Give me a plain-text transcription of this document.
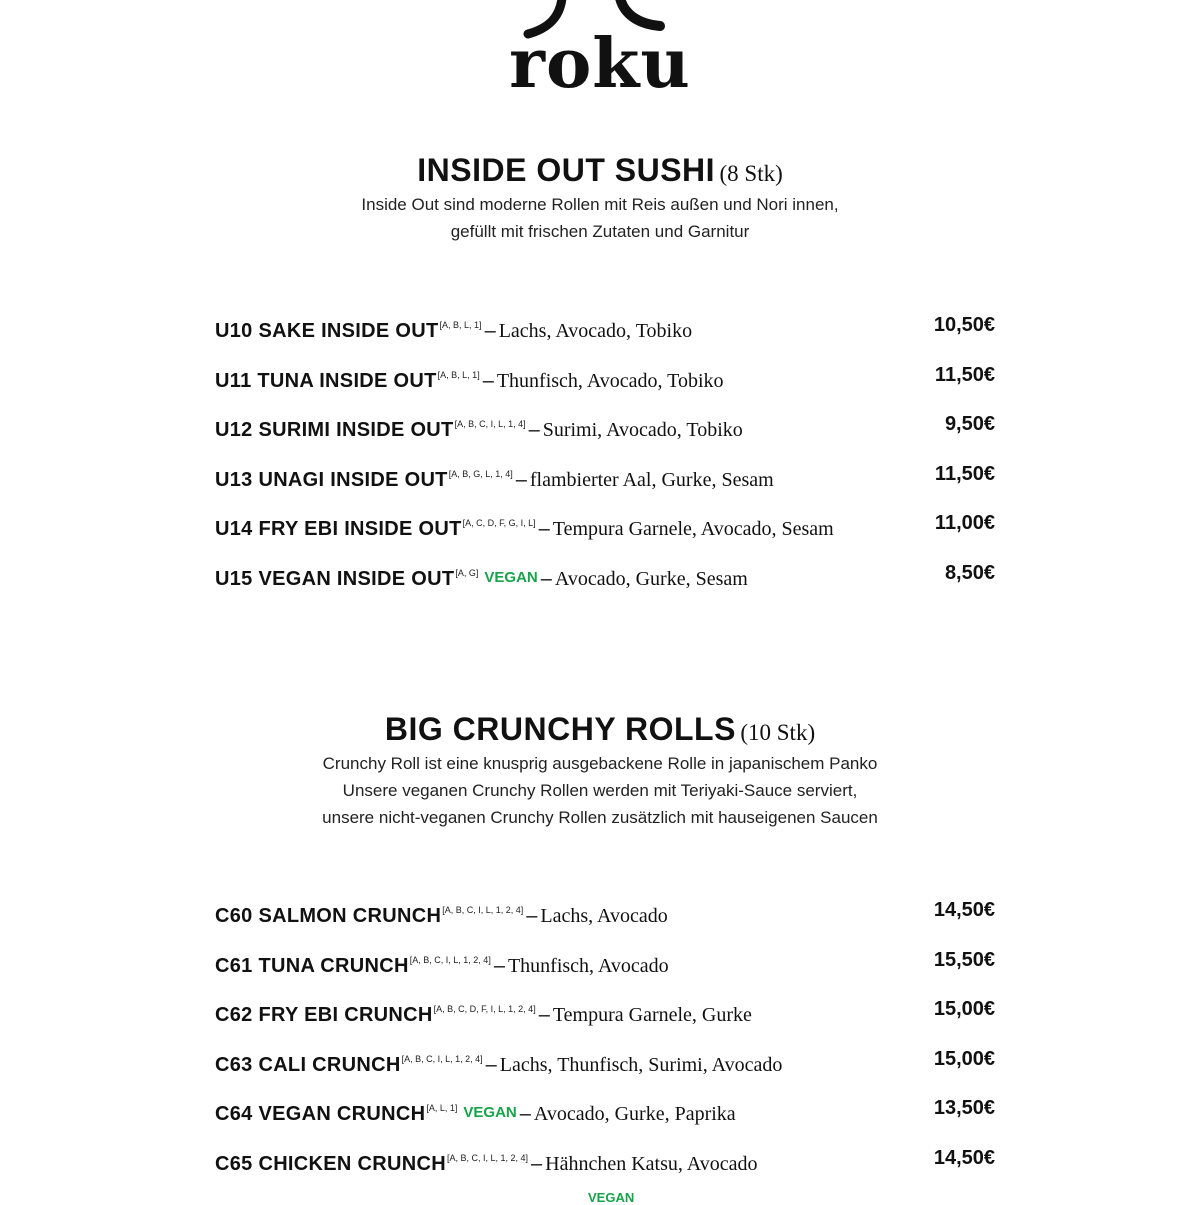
roku
INSIDE OUT SUSHI (8 Stk)
Inside Out sind moderne Rollen mit Reis außen und Nori innen,
gefüllt mit frischen Zutaten und Garnitur
U10 SAKE INSIDE OUT[A, B, L, 1] – Lachs, Avocado, Tobiko	10,50€
U11 TUNA INSIDE OUT[A, B, L, 1] – Thunfisch, Avocado, Tobiko	11,50€
U12 SURIMI INSIDE OUT[A, B, C, I, L, 1, 4] – Surimi, Avocado, Tobiko	9,50€
U13 UNAGI INSIDE OUT[A, B, G, L, 1, 4] – flambierter Aal, Gurke, Sesam	11,50€
U14 FRY EBI INSIDE OUT[A, C, D, F, G, I, L] – Tempura Garnele, Avocado, Sesam	11,00€
U15 VEGAN INSIDE OUT[A, G] VEGAN – Avocado, Gurke, Sesam	8,50€
BIG CRUNCHY ROLLS (10 Stk)
Crunchy Roll ist eine knusprig ausgebackene Rolle in japanischem Panko
Unsere veganen Crunchy Rollen werden mit Teriyaki-Sauce serviert,
unsere nicht-veganen Crunchy Rollen zusätzlich mit hauseigenen Saucen
C60 SALMON CRUNCH[A, B, C, I, L, 1, 2, 4] – Lachs, Avocado	14,50€
C61 TUNA CRUNCH[A, B, C, I, L, 1, 2, 4] – Thunfisch, Avocado	15,50€
C62 FRY EBI CRUNCH[A, B, C, D, F, I, L, 1, 2, 4] – Tempura Garnele, Gurke	15,00€
C63 CALI CRUNCH[A, B, C, I, L, 1, 2, 4] – Lachs, Thunfisch, Surimi, Avocado	15,00€
C64 VEGAN CRUNCH[A, L, 1] VEGAN – Avocado, Gurke, Paprika	13,50€
C65 CHICKEN CRUNCH[A, B, C, I, L, 1, 2, 4] – Hähnchen Katsu, Avocado	14,50€
VEGAN
